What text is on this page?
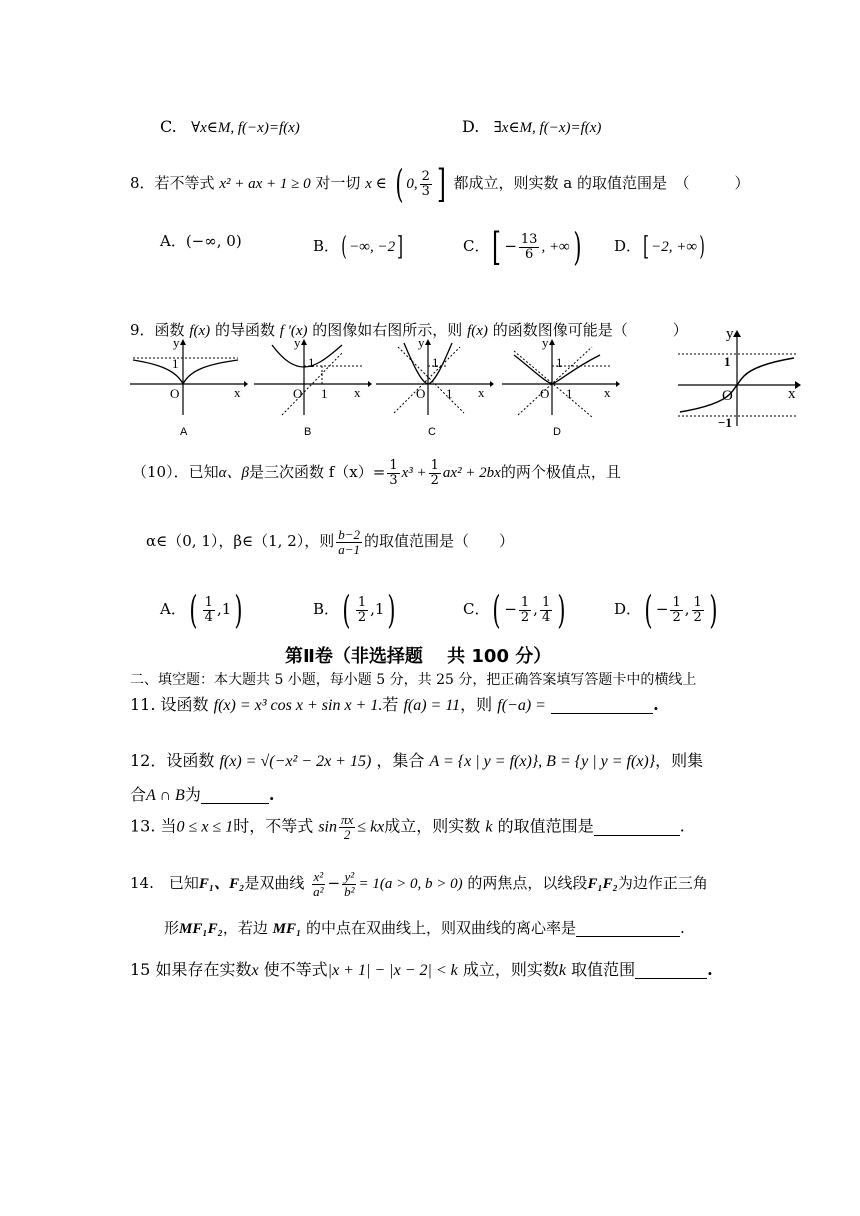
C. ∀x∈M, f(−x)=f(x)	D. ∃x∈M, f(−x)=f(x)
8．若不等式 x² + ax + 1 ≥ 0 对一切 x ∈ ( 0, $\frac{2}{3}$ ] 都成立，则实数 a 的取值范围是　（　　　）
A．(−∞, 0)	B．( −∞, −2]	C．[ − $\frac{13}{6}$ , +∞) D．[ −2, +∞)
9．函数 f(x) 的导函数 f '(x) 的图像如右图所示，则 f(x) 的函数图像可能是（　　　）
y
1
O	x
A
y
1
O 1 x
B
y
1
O 1 x
C
y
1
O 1 x
D
y
1
O	x
−1
（10）．已知α、β是三次函数 $f(x)= \frac{1}{3} x^3 + \frac{1}{2} ax^2 + 2bx$的两个极值点，且
α∈（0, 1），β∈（1, 2），则 $\frac{b-2}{a-1}$ 的取值范围是（　　）
A．( $\frac{1}{4} ,1$)	B．( $\frac{1}{2} ,1$)	C．( − $\frac{1}{2}$ , $\frac{1}{4}$ )	D．( − $\frac{1}{2}$ , $\frac{1}{2}$ )
第Ⅱ卷（非选择题　 共 100 分）
二、填空题：本大题共 5 小题，每小题 5 分，共 25 分，把正确答案填写答题卡中的横线上
11. 设函数 f(x) = x³ cos x + sin x + 1.若 f(a) = 11，则 f(−a) =	.
12．设函数 f(x) = √(−x² − 2x + 15) ，集合 A = {x | y = f(x)}, B = {y | y = f(x)}，则集
合A ∩ B为	.
13. 当0 ≤ x ≤ 1时，不等式 $\sin \frac{\pi x}{2}$ ≤ kx成立，则实数 k 的取值范围是	.
14.　已知F₁、F₂是双曲线 $\frac{\text{x²}}{\text{a²}} - \frac{\text{y²}}{\text{b²}} = 1(a > 0$, b > 0) 的两焦点，以线段F₁F₂为边作正三角
形MF₁F₂，若边 MF₁ 的中点在双曲线上，则双曲线的离心率是	.
15 如果存在实数x 使不等式|x + 1| − |x − 2| < k 成立，则实数k 取值范围	.
